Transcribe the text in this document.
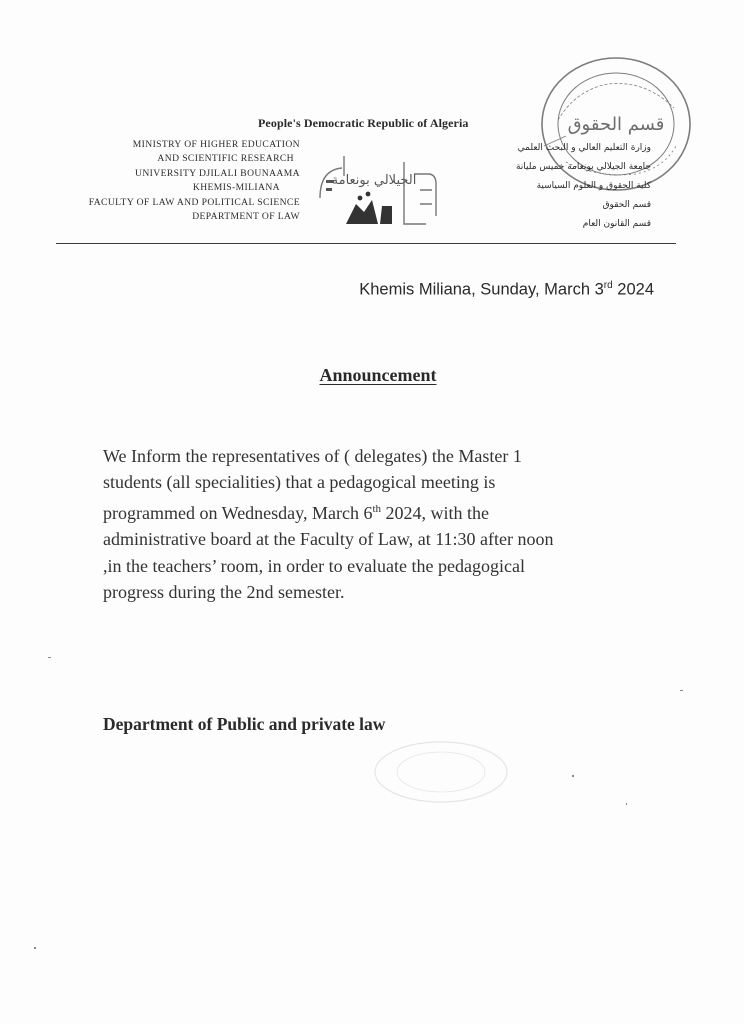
قسم الحقوق
People's Democratic Republic of Algeria
MINISTRY OF HIGHER EDUCATION
AND SCIENTIFIC RESEARCH
UNIVERSITY DJILALI BOUNAAMA
KHEMIS-MILIANA
FACULTY OF LAW AND POLITICAL SCIENCE
DEPARTMENT OF LAW
الجيلالي بونعامة
وزارة التعليم العالي و البحث العلمي
جامعة الجيلالي بونعامة خميس مليانة
كلية الحقوق و العلوم السياسية
قسم الحقوق
قسم القانون العام
Khemis Miliana, Sunday, March 3rd 2024
Announcement

We Inform the representatives of ( delegates) the Master 1

students (all specialities) that a pedagogical meeting is

programmed on Wednesday, March 6th 2024, with the

administrative board at the Faculty of Law, at 11:30 after noon

,in the teachers’ room, in order to evaluate the pedagogical

progress during the 2nd semester.

Department of Public and private law
